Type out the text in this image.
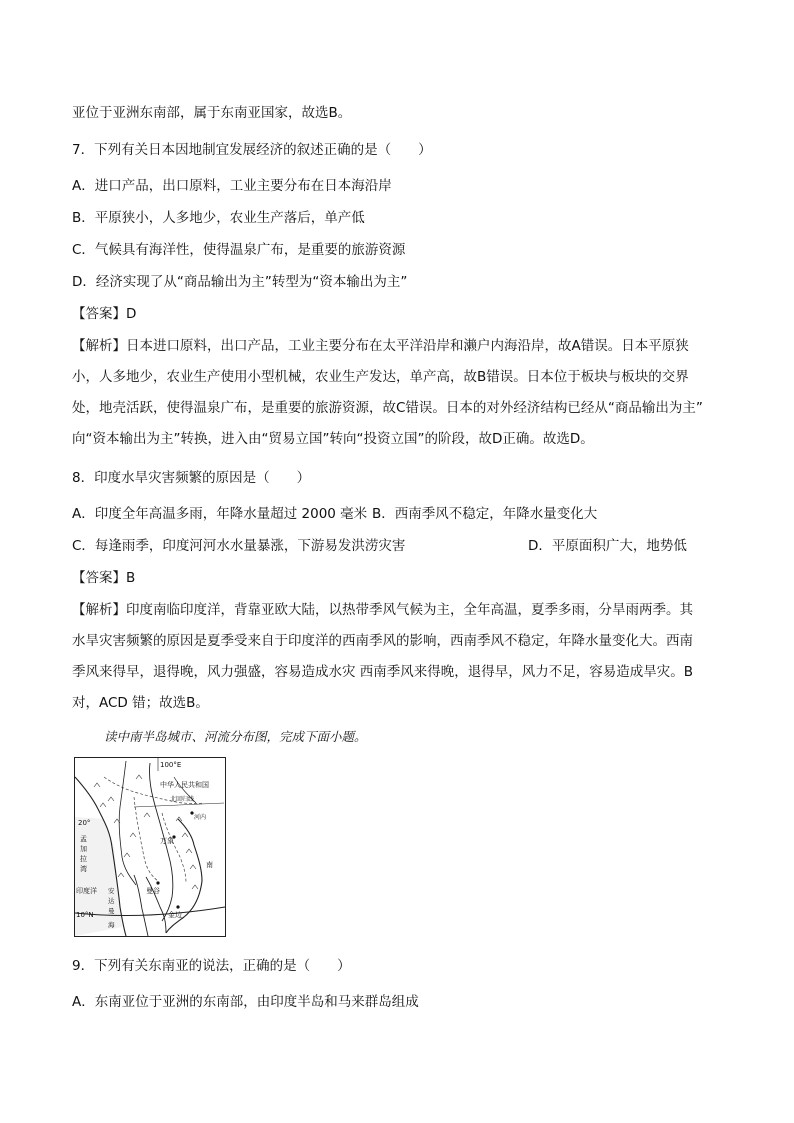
亚位于亚洲东南部，属于东南亚国家，故选B。
7．下列有关日本因地制宜发展经济的叙述正确的是（　　）
A．进口产品，出口原料，工业主要分布在日本海沿岸
B．平原狭小，人多地少，农业生产落后，单产低
C．气候具有海洋性，使得温泉广布，是重要的旅游资源
D．经济实现了从“商品输出为主”转型为“资本输出为主”
【答案】D
【解析】日本进口原料，出口产品，工业主要分布在太平洋沿岸和濑户内海沿岸，故A错误。日本平原狭
小，人多地少，农业生产使用小型机械，农业生产发达，单产高，故B错误。日本位于板块与板块的交界
处，地壳活跃，使得温泉广布，是重要的旅游资源，故C错误。日本的对外经济结构已经从“商品输出为主”
向“资本输出为主”转换，进入由“贸易立国”转向“投资立国”的阶段，故D正确。故选D。
8．印度水旱灾害频繁的原因是（　　）
A．印度全年高温多雨，年降水量超过 2000 毫米 B．西南季风不稳定，年降水量变化大
C．每逢雨季，印度河河水水量暴涨，下游易发洪涝灾害	D．平原面积广大，地势低
【答案】B
【解析】印度南临印度洋，背靠亚欧大陆，以热带季风气候为主，全年高温，夏季多雨，分旱雨两季。其
水旱灾害频繁的原因是夏季受来自于印度洋的西南季风的影响，西南季风不稳定，年降水量变化大。西南
季风来得早，退得晚，风力强盛，容易造成水灾 西南季风来得晚，退得早，风力不足，容易造成旱灾。B
对，ACD 错；故选B。
读中南半岛城市、河流分布图，完成下面小题。
100°E
中华人民共和国
北回归线
20°
孟
加
拉
湾
印度洋 安
达
曼
海
10°N
万象
曼谷
金边
南
河内
9．下列有关东南亚的说法，正确的是（　　）
A．东南亚位于亚洲的东南部，由印度半岛和马来群岛组成
